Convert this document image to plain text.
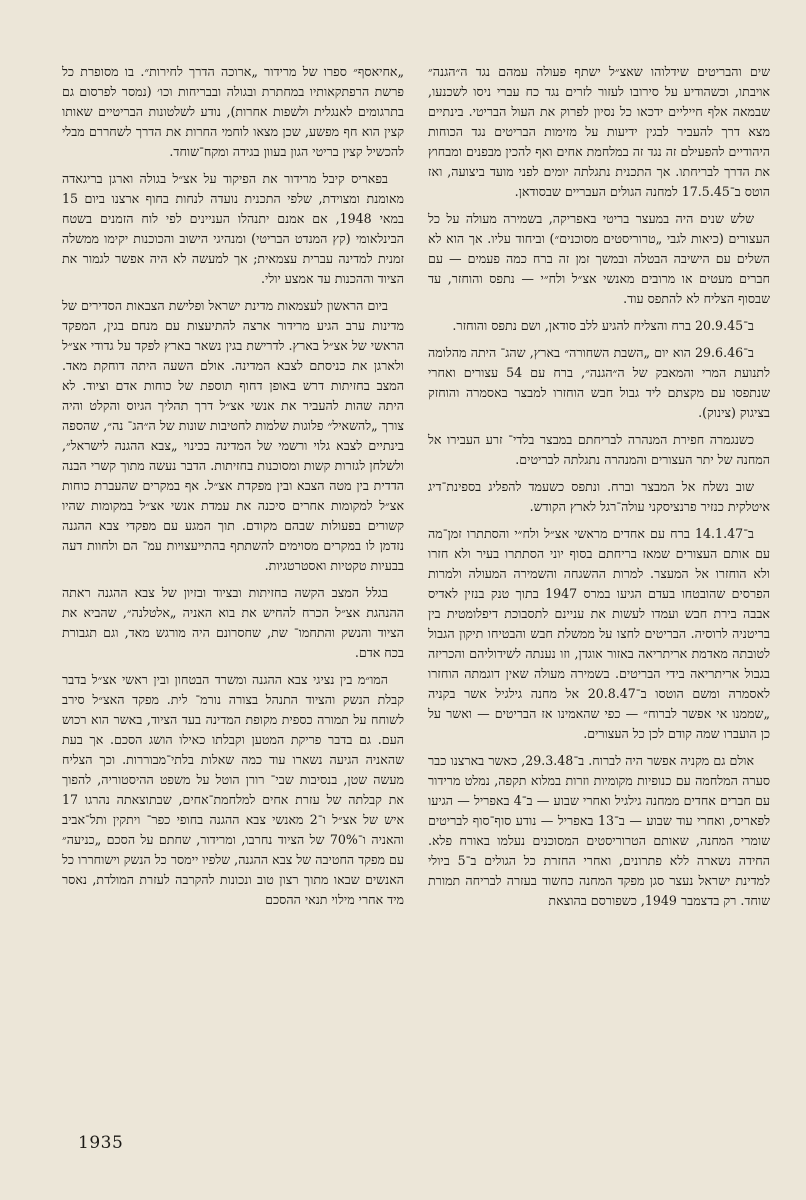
שים והבריטים שידלוהו שאצ״ל ישתף פעולה עמהם נגד ה״הגנה״ אויבתו, וכשהודיע על סירובו לעזור לזרים נגד כח עברי ניסו לשכנעו, שבמאה אלף חייליים ידכאו כל נסיון לפרוק את העול הבריטי. בינתיים מצא דרך להעביר לבגין ידיעות על מזימות הבריטים נגד הכוחות היהודיים להפעילם זה נגד זה במלחמת אחים ואף להכין מבפנים ומבחוץ את הדרך לבריחתו. אך התכנית נתגלתה יומים לפני מועד ביצועה, ואז הוטס ב־17.5.45 למחנה הגולים העבריים שבסודאן.

שלש שנים היה במעצר בריטי באפריקה, בשמירה מעולה על כל העצורים (כיאות לגבי „טרוריסטים מסוכנים״) וביחוד עליו. אך הוא לא השלים עם הישיבה הבטלה ובמשך זמן זה ברח כמה פעמים — עם חברים מעטים או מרובים מאנשי אצ״ל ולח״י — נתפס והוחזר, עד שבסוף הצליח לא להתפס עוד.

ב־20.9.45 ברח והצליח להגיע ללב סודאן, ושם נתפס והוחזר.

ב־29.6.46 הוא יום „השבת השחורה״ בארץ, שהג־ היתה מהלומה לתנועת המרי והמאבק של ה״הגנה״, ברח עם 54 עצורים ואחרי שנתפסו עם מקצתם ליד גבול חבש הוחזרו למבצר באסמרה והוחזק בציגוק (צינוק).

כשנגמרה חפירת המנהרה לבריחתם במבצר בלדי־ זרע העבירו אל המחנה של יתר העצורים והמנהרה נתגלתה לבריטים.

שוב נשלח אל המבצר וברח. ונתפס כשעמד להפליג בספינת־דיג איטלקית כנזיר פרנציסקני עולה־רגל לארץ הקודש.

ב־14.1.47 ברח עם אחדים מראשי אצ״ל ולח״י והסתתרו זמן־מה עם אותם העצורים שמאז בריחתם בסוף יוני הסתתרו בעיר ולא חזרו ולא הוחזרו אל המעצר. למרות ההשגחה והשמירה המעולה ולמרות הפרסים שהובטחו בעדם הגיעו במרס 1947 בתוך טנק בנזין לאדיס אבבה בירת חבש ועמדו לעשות את עניינם לתסבוכת דיפלומטית בין בריטניה לרוסיה. הבריטים לחצו על ממשלת חבש והבטיחו תיקון הגבול לטובתה מאדמת אריתריאה באזור אוגדן, וזו נענתה לשידוליהם והכריזה בגבול אריתריאה בידי הבריטים. בשמירה מעולה שאין דוגמתה הוחזרו לאסמרה ומשם הוטסו ב־20.8.47 אל מחנה גילגיל אשר בקניה „שממנו אי אפשר לברוח״ — כפי שהאמינו אז הבריטים — ואשר על כן הועברו שמה קודם לכן כל העצורים.

אולם גם מקניה אפשר היה לברוח. ב־29.3.48, כאשר בארצנו כבר סערה המלחמה עם כנופיות מקומיות וזרות במלוא תקפה, נמלט מרידור עם חברים אחדים ממחנה גילגיל ואחרי שבוע — ב־4 באפריל — הגיעו לפאריס, ואחרי עוד שבוע — ב־13 באפריל — נודע סוף־סוף לבריטים שומרי המחנה, שאותם הטרוריסטים המסוכנים נעלמו באורח פלא. החידה נשארה ללא פתרונים, ואחרי החזרת כל הגולים ב־5 ביולי למדינת ישראל נעצר סגן מפקד המחנה כחשוד בעזרה לבריחה תמורת שוחד. רק בדצמבר 1949, כשפורסם בהוצאת

„אחיאסף״ ספרו של מרידור „ארוכה הדרך לחירות״. בו מסופרת כל פרשת הרפתקאותיו במחתרת ובגולה ובבריחות וכו׳ (נמסר לפרסום גם בתרגומים לאנגלית ולשפות אחרות), נודע לשלטונות הבריטיים שאותו קצין הוא חף מפשע, שכן מצאו לוחמי החרות את הדרך לשחררם מבלי להכשיל קצין בריטי הגון בעוון בגידה ומקח־שוחד.

בפאריס קיבל מרידור את הפיקוד על אצ״ל בגולה וארגן בריגאדה מאומנת ומצוידת, שלפי התכנית נועדה לנחות בחוף ארצנו ביום 15 במאי 1948, אם אמנם יתנהלו העניינים לפי לוח הזמנים בשטח הבינלאומי (קץ המנדט הבריטי) ומנהיגי הישוב והכוכנות יקימו ממשלה זמנית למדינה עברית עצמאית; אך למעשה לא היה אפשר לגמור את הציוד וההכנות עד אמצע יולי.

ביום הראשון לעצמאות מדינת ישראל ופלישת הצבאות הסדירים של מדינות ערב הגיע מרידור ארצה להתיעצות עם מנחם בגין, המפקד הראשי של אצ״ל בארץ. לדרישת בגין נשאר בארץ לפקד על גדודי אצ״ל ולארגן את כניסתם לצבא המדינה. אולם השעה היתה דוחקת מאד. המצב בחזיתות דרש באופן דחוף תוספת של כוחות אדם וציוד. לא היתה שהות להעביר את אנשי אצ״ל דרך תהליך הגיוס והקלט והיה צורך „להשאיל״ פלוגות שלמות לחטיבות שונות של ה״הג־ נה״, שהספה בינתיים לצבא גלוי ורשמי של המדינה בכינוי „צבא ההגנה לישראל״, ולשלחן לגזרות קשות ומסוכנות בחזיתות. הדבר נעשה מתוך קשרי הבנה הדדית בין מטה הצבא ובין מפקדת אצ״ל. אף במקרים שהעברת כוחות אצ״ל למקומות אחרים סיכנה את עמדת אנשי אצ״ל במקומות שהיו קשורים בפעולות שבהם מקודם. תוך המגע עם מפקדי צבא ההגנה נזדמן לו במקרים מסוימים להשתתף בהתייעצויות עמ־ הם ולחוות דעה בבעיות טקטיות ואסטרטגיות.

בגלל המצב הקשה בחזיתות ובציוד ובזיון של צבא ההגנה ראתה ההנהגת אצ״ל הכרח להחיש את בוא האניה „אלטלנה״, שהביא את הציוד והנשק והתחמו־ שת, שחסרונם היה מורגש מאד, וגם תגבורת בכח אדם.

המו״מ בין נציגי צבא ההגנה ומשרד הבטחון ובין ראשי אצ״ל בדבר קבלת הנשק והציוד התנהל בצורה נורמ־ לית. מפקד האצ״ל סירב לשוחח על תמורה כספית מקופת המדינה בעד הציוד, באשר הוא רכוש העם. גם בדבר פריקת המטען וקבלתו כאילו הושג הסכם. אך בעת שהאניה הגיעה נשארו עוד כמה שאלות בלתי־מבוררות. וכך הצליח מעשה שטן, בנסיבות שבי־ רורן הוטל על משפט ההיסטוריה, להפוך את קבלתה של עזרת אחים למלחמת־אחים, שבתוצאתה נהרגו 17 איש של אצ״ל ו־2 מאנשי צבא ההגנה בחופי כפר־ ויתקין ותל־אביב והאניה ו־70% של הציוד נחרבו, ומרידור, שחתם על הסכם „כניעה״ עם מפקד החטיבה של צבא ההגנה, שלפיו יימסר כל הנשק וישוחררו כל האנשים שבאו מתוך רצון טוב ונכונות להקרבה לעזרת המולדת, נאסר מיד אחרי מילוי תנאי ההסכם

1935
